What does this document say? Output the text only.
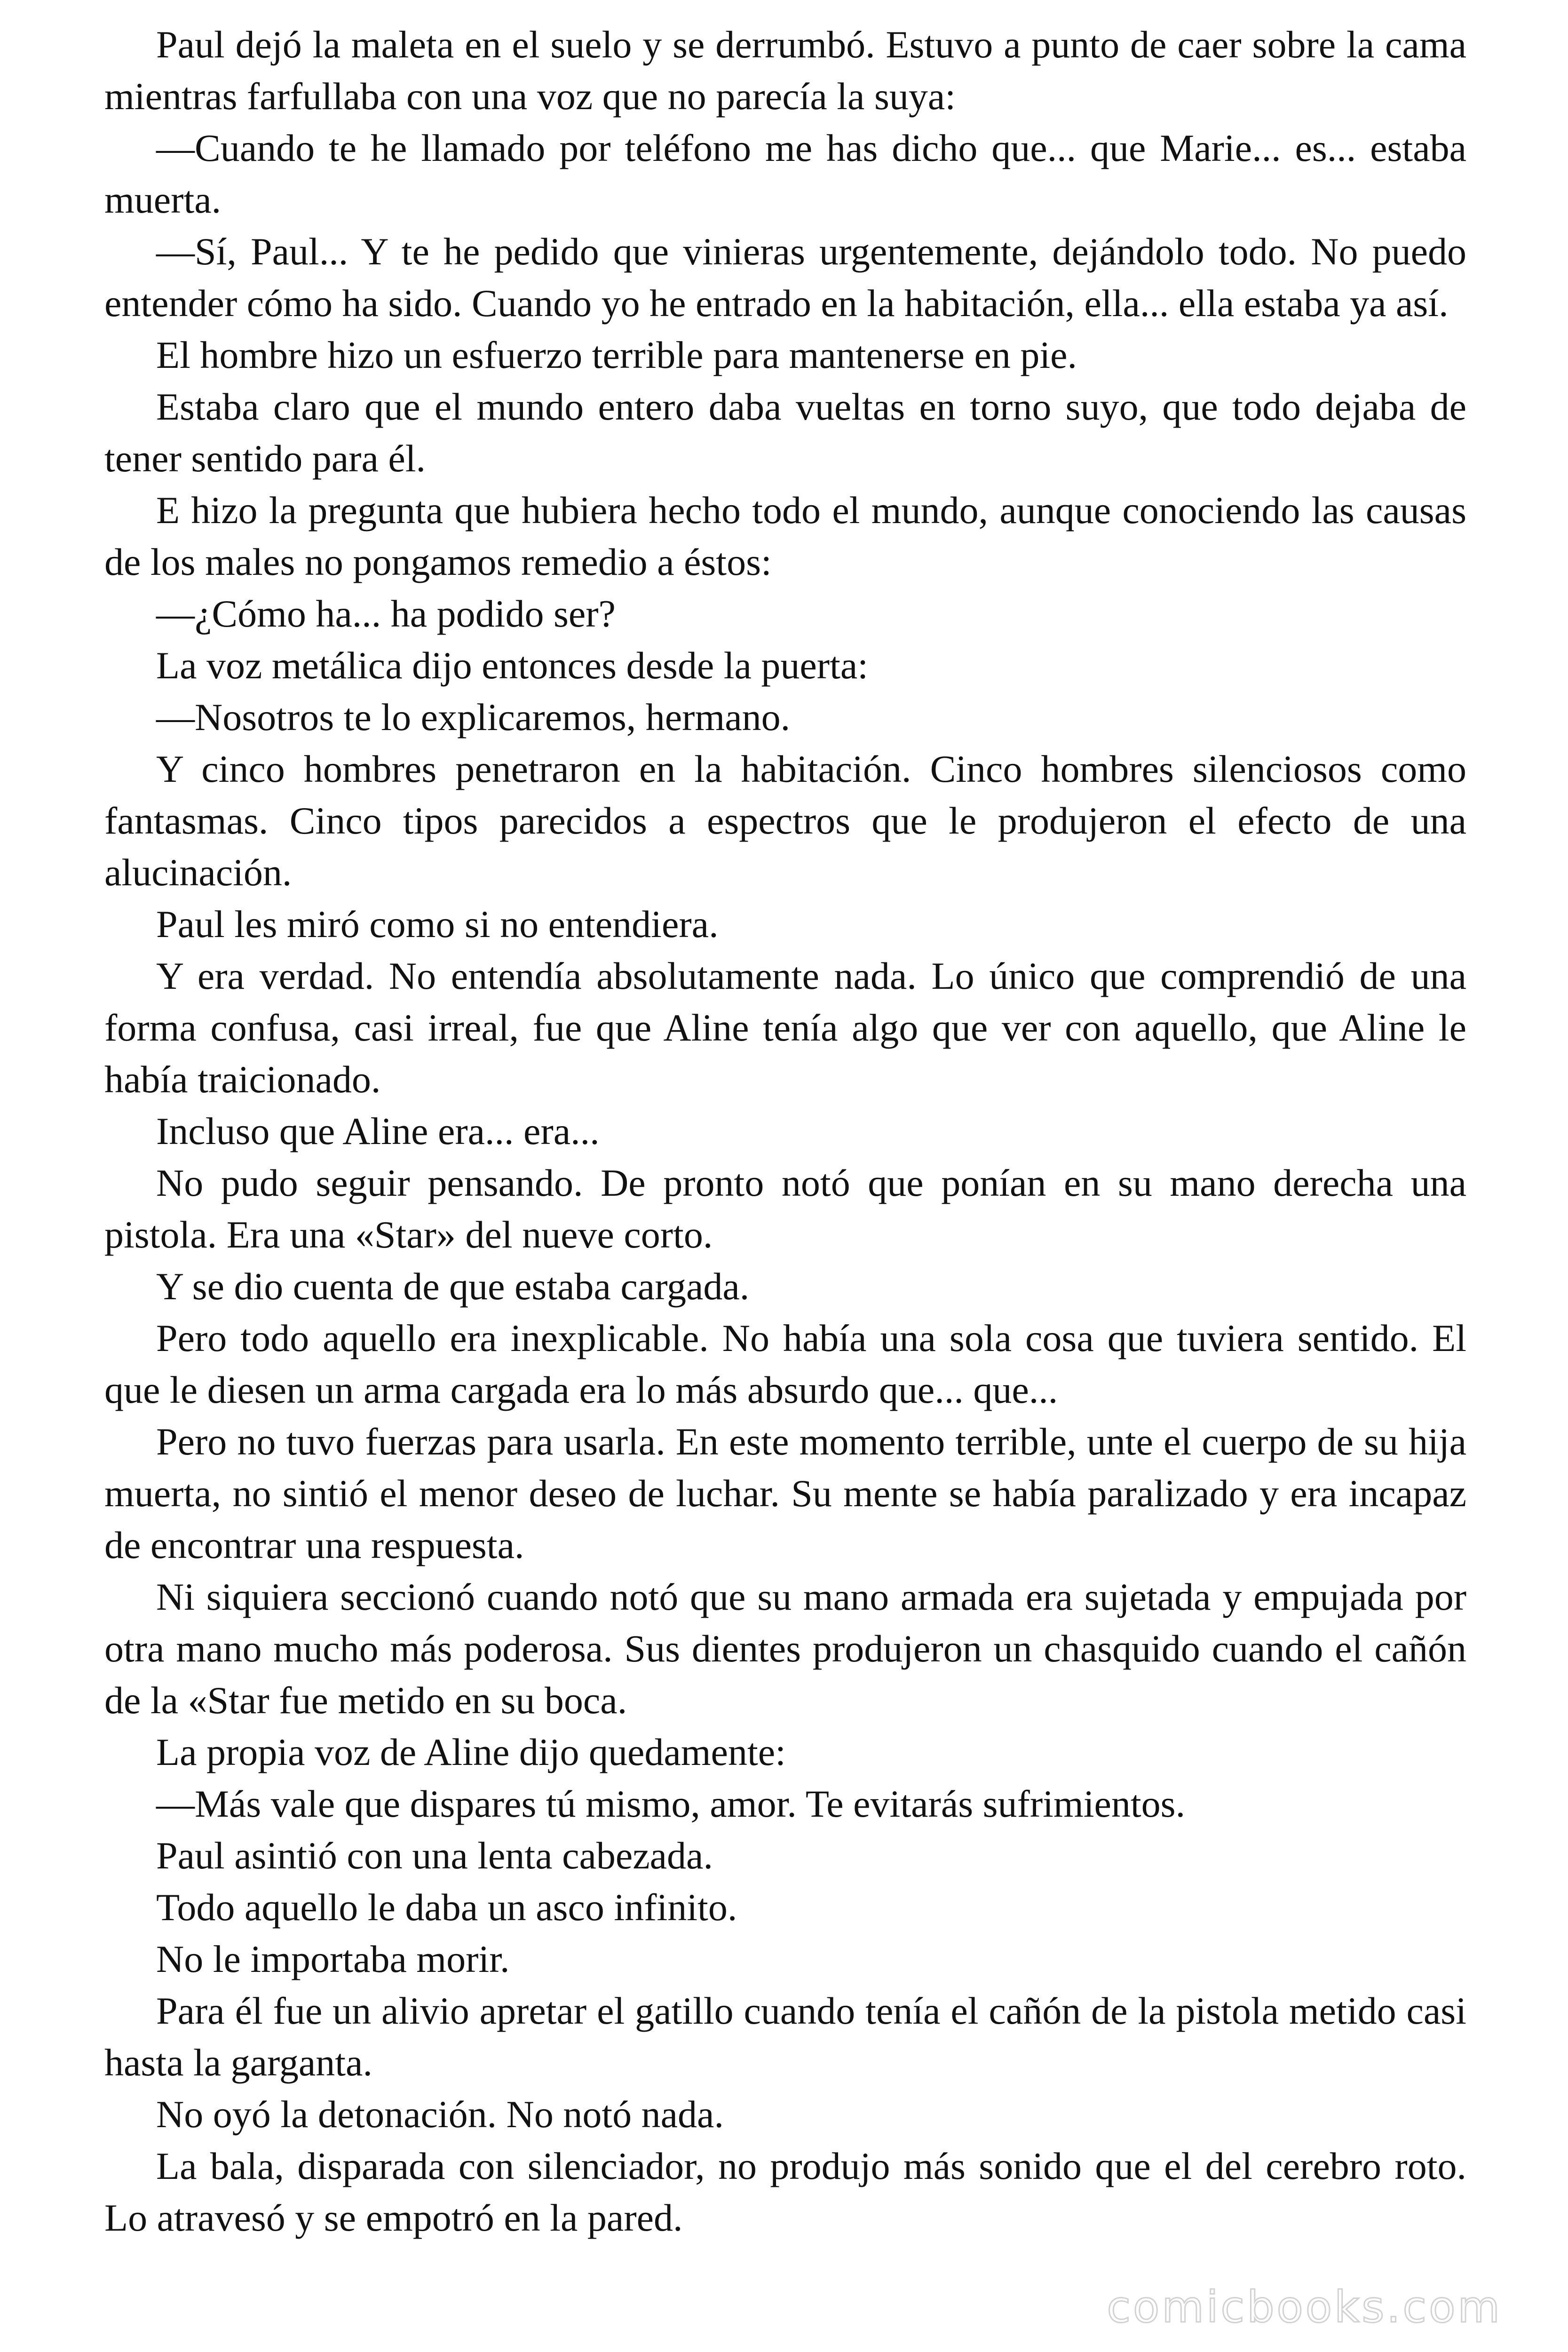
Paul dejó la maleta en el suelo y se derrumbó. Estuvo a punto de caer sobre la cama mientras farfullaba con una voz que no parecía la suya:

—Cuando te he llamado por teléfono me has dicho que... que Marie... es... estaba muerta.

—Sí, Paul... Y te he pedido que vinieras urgentemente, dejándolo todo. No puedo entender cómo ha sido. Cuando yo he entrado en la habitación, ella... ella estaba ya así.

El hombre hizo un esfuerzo terrible para mantenerse en pie.

Estaba claro que el mundo entero daba vueltas en torno suyo, que todo dejaba de tener sentido para él.

E hizo la pregunta que hubiera hecho todo el mundo, aunque conociendo las causas de los males no pongamos remedio a éstos:

—¿Cómo ha... ha podido ser?

La voz metálica dijo entonces desde la puerta:

—Nosotros te lo explicaremos, hermano.

Y cinco hombres penetraron en la habitación. Cinco hombres silenciosos como fantasmas. Cinco tipos parecidos a espectros que le produjeron el efecto de una alucinación.

Paul les miró como si no entendiera.

Y era verdad. No entendía absolutamente nada. Lo único que comprendió de una forma confusa, casi irreal, fue que Aline tenía algo que ver con aquello, que Aline le había traicionado.

Incluso que Aline era... era...

No pudo seguir pensando. De pronto notó que ponían en su mano derecha una pistola. Era una «Star» del nueve corto.

Y se dio cuenta de que estaba cargada.

Pero todo aquello era inexplicable. No había una sola cosa que tuviera sentido. El que le diesen un arma cargada era lo más absurdo que... que...

Pero no tuvo fuerzas para usarla. En este momento terrible, unte el cuerpo de su hija muerta, no sintió el menor deseo de luchar. Su mente se había paralizado y era incapaz de encontrar una respuesta.

Ni siquiera seccionó cuando notó que su mano armada era sujetada y empujada por otra mano mucho más poderosa. Sus dientes produjeron un chasquido cuando el cañón de la «Star fue metido en su boca.

La propia voz de Aline dijo quedamente:

—Más vale que dispares tú mismo, amor. Te evitarás sufrimientos.

Paul asintió con una lenta cabezada.

Todo aquello le daba un asco infinito.

No le importaba morir.

Para él fue un alivio apretar el gatillo cuando tenía el cañón de la pistola metido casi hasta la garganta.

No oyó la detonación. No notó nada.

La bala, disparada con silenciador, no produjo más sonido que el del cerebro roto. Lo atravesó y se empotró en la pared.

comicbooks.com
